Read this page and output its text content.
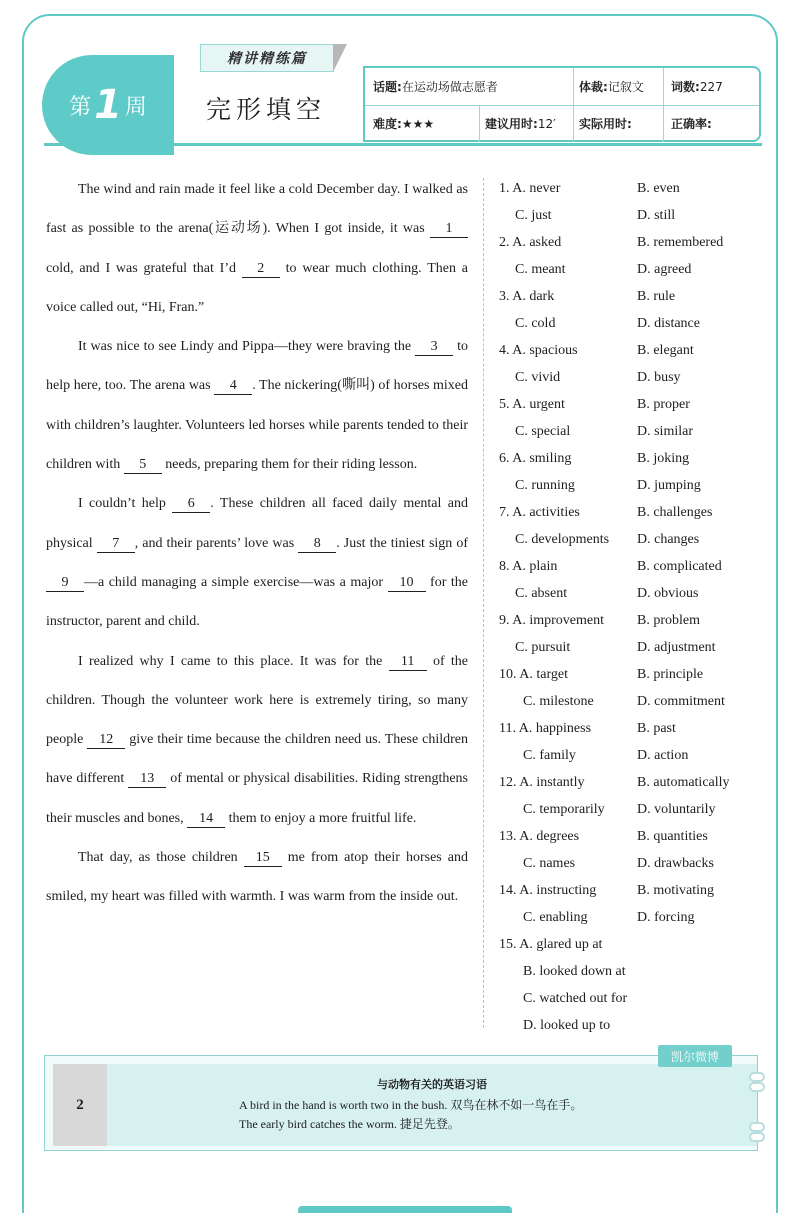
第 1 周
精讲精练篇
完形填空
话题: 在运动场做志愿者	体裁: 记叙文 词数: 227
难度: ★★★	建议用时: 12′ 实际用时:	正确率:

The wind and rain made it feel like a cold December day. I walked as fast as possible to the arena(运动场). When I got inside, it was 1 cold, and I was grateful that I’d 2 to wear much clothing. Then a voice called out, “Hi, Fran.”

It was nice to see Lindy and Pippa—they were braving the 3 to help here, too. The arena was 4 . The nickering(嘶叫) of horses mixed with children’s laughter. Volunteers led horses while parents tended to their children with 5 needs, preparing them for their riding lesson.

I couldn’t help 6 . These children all faced daily mental and physical 7 , and their parents’ love was 8 . Just the tiniest sign of 9 —a child managing a simple exercise—was a major 10 for the instructor, parent and child.

I realized why I came to this place. It was for the 11 of the children. Though the volunteer work here is extremely tiring, so many people 12 give their time because the children need us. These children have different 13 of mental or physical disabilities. Riding strengthens their muscles and bones, 14 them to enjoy a more fruitful life.

That day, as those children 15 me from atop their horses and smiled, my heart was filled with warmth. I was warm from the inside out.

1. A. never	B. even
C. just	D. still
2. A. asked	B. remembered
C. meant	D. agreed
3. A. dark	B. rule
C. cold	D. distance
4. A. spacious	B. elegant
C. vivid	D. busy
5. A. urgent	B. proper
C. special	D. similar
6. A. smiling	B. joking
C. running	D. jumping
7. A. activities	B. challenges
C. developments D. changes
8. A. plain	B. complicated
C. absent	D. obvious
9. A. improvement B. problem
C. pursuit	D. adjustment
10. A. target	B. principle
C. milestone	D. commitment
11. A. happiness	B. past
C. family	D. action
12. A. instantly	B. automatically
C. temporarily D. voluntarily
13. A. degrees	B. quantities
C. names	D. drawbacks
14. A. instructing	B. motivating
C. enabling	D. forcing
15. A. glared up at
B. looked down at
C. watched out for
D. looked up to
2
与动物有关的英语习语
A bird in the hand is worth two in the bush. 双鸟在林不如一鸟在手。
The early bird catches the worm. 捷足先登。
凯尔微博
